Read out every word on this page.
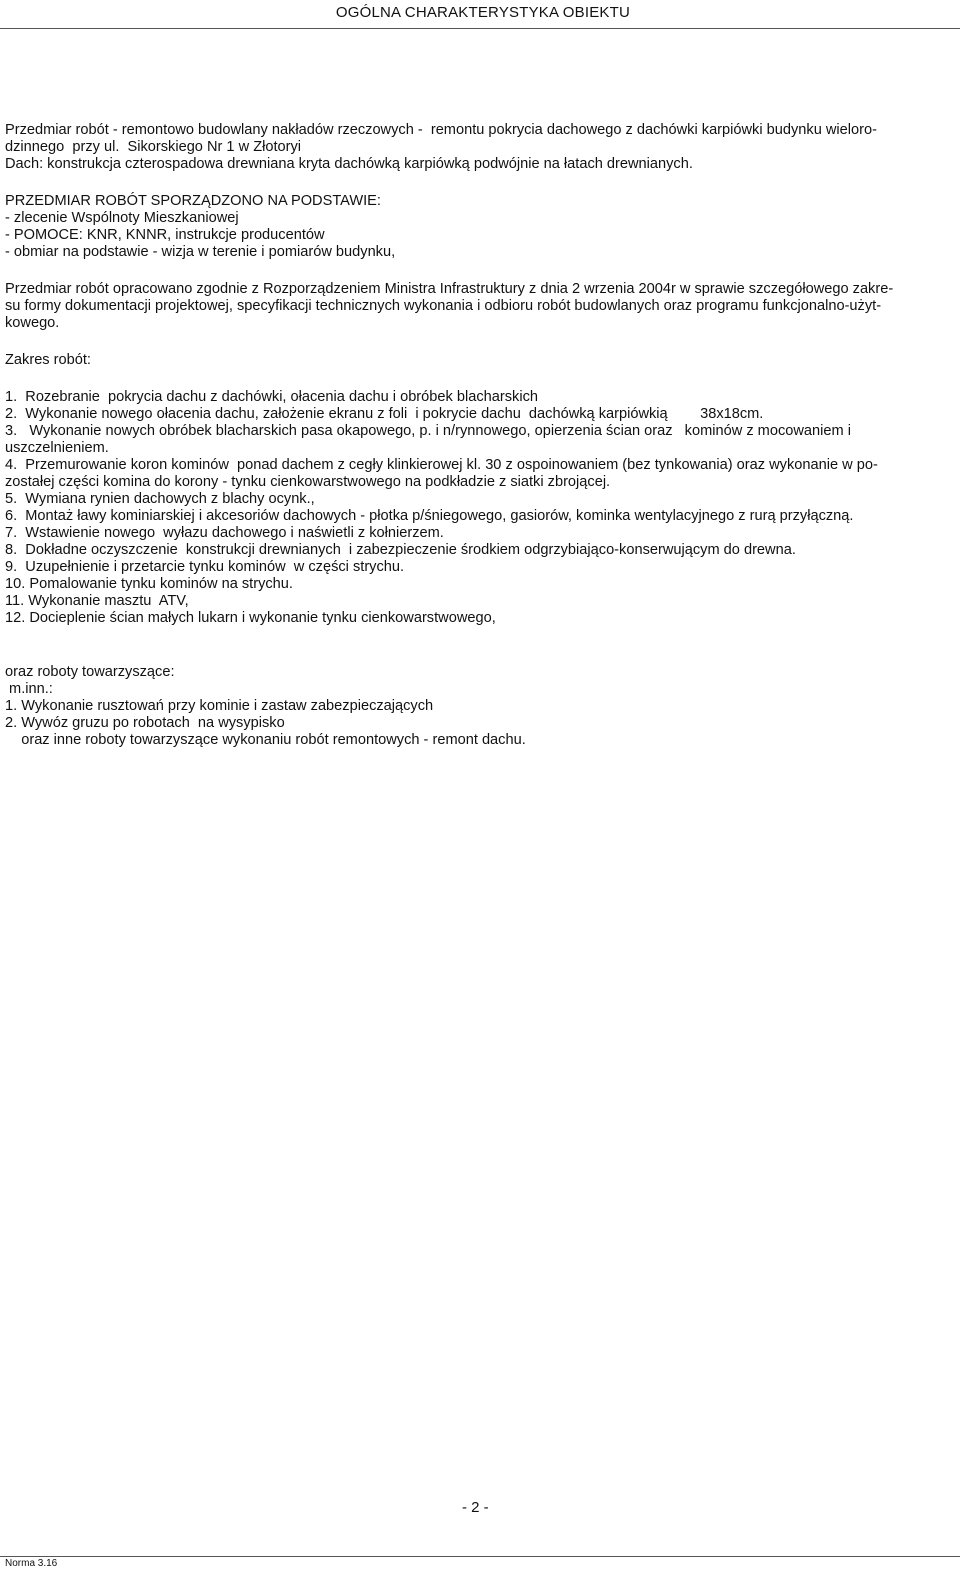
OGÓLNA CHARAKTERYSTYKA OBIEKTU
Przedmiar robót - remontowo budowlany nakładów rzeczowych -  remontu pokrycia dachowego z dachówki karpiówki budynku wieloro-
dzinnego  przy ul.  Sikorskiego Nr 1 w Złotoryi
Dach: konstrukcja czterospadowa drewniana kryta dachówką karpiówką podwójnie na łatach drewnianych.
PRZEDMIAR ROBÓT SPORZĄDZONO NA PODSTAWIE:
- zlecenie Wspólnoty Mieszkaniowej
- POMOCE: KNR, KNNR, instrukcje producentów
- obmiar na podstawie - wizja w terenie i pomiarów budynku,
Przedmiar robót opracowano zgodnie z Rozporządzeniem Ministra Infrastruktury z dnia 2 wrzenia 2004r w sprawie szczegółowego zakre-
su formy dokumentacji projektowej, specyfikacji technicznych wykonania i odbioru robót budowlanych oraz programu funkcjonalno-użyt-
kowego.
Zakres robót:
1.  Rozebranie  pokrycia dachu z dachówki, ołacenia dachu i obróbek blacharskich
2.  Wykonanie nowego ołacenia dachu, założenie ekranu z foli  i pokrycie dachu  dachówką karpiówkią        38x18cm.
3.   Wykonanie nowych obróbek blacharskich pasa okapowego, p. i n/rynnowego, opierzenia ścian oraz   kominów z mocowaniem i
uszczelnieniem.
4.  Przemurowanie koron kominów  ponad dachem z cegły klinkierowej kl. 30 z ospoinowaniem (bez tynkowania) oraz wykonanie w po-
zostałej części komina do korony - tynku cienkowarstwowego na podkładzie z siatki zbrojącej.
5.  Wymiana rynien dachowych z blachy ocynk.,
6.  Montaż ławy kominiarskiej i akcesoriów dachowych - płotka p/śniegowego, gasiorów, kominka wentylacyjnego z rurą przyłączną.
7.  Wstawienie nowego  wyłazu dachowego i naświetli z kołnierzem.
8.  Dokładne oczyszczenie  konstrukcji drewnianych  i zabezpieczenie środkiem odgrzybiająco-konserwującym do drewna.
9.  Uzupełnienie i przetarcie tynku kominów  w części strychu.
10. Pomalowanie tynku kominów na strychu.
11. Wykonanie masztu  ATV,
12. Docieplenie ścian małych lukarn i wykonanie tynku cienkowarstwowego,
oraz roboty towarzyszące:
m.inn.:
1. Wykonanie rusztowań przy kominie i zastaw zabezpieczających
2. Wywóz gruzu po robotach  na wysypisko
oraz inne roboty towarzyszące wykonaniu robót remontowych - remont dachu.
- 2 -
Norma 3.16
